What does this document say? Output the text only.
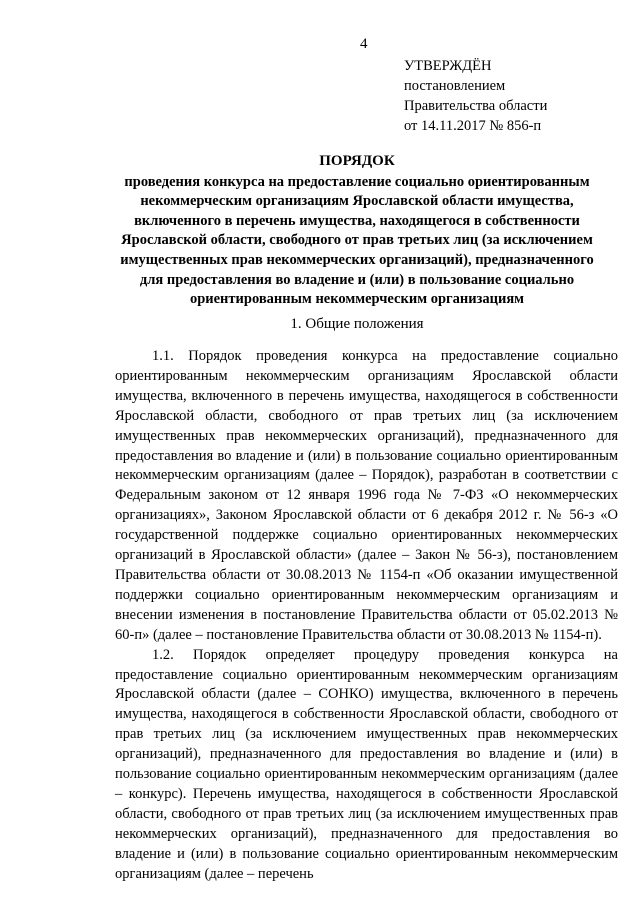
4
УТВЕРЖДЁН
постановлением
Правительства области
от 14.11.2017 № 856-п
ПОРЯДОК
проведения конкурса на предоставление социально ориентированным
некоммерческим организациям Ярославской области имущества,
включенного в перечень имущества, находящегося в собственности
Ярославской области, свободного от прав третьих лиц (за исключением
имущественных прав некоммерческих организаций), предназначенного
для предоставления во владение и (или) в пользование социально
ориентированным некоммерческим организациям
1. Общие положения

1.1. Порядок проведения конкурса на предоставление социально ориентированным некоммерческим организациям Ярославской области имущества, включенного в перечень имущества, находящегося в собственности Ярославской области, свободного от прав третьих лиц (за исключением имущественных прав некоммерческих организаций), предназначенного для предоставления во владение и (или) в пользование социально ориентированным некоммерческим организациям (далее – Порядок), разработан в соответствии с Федеральным законом от 12 января 1996 года № 7-ФЗ «О некоммерческих организациях», Законом Ярославской области от 6 декабря 2012 г. № 56-з «О государственной поддержке социально ориентированных некоммерческих организаций в Ярославской области» (далее – Закон № 56-з), постановлением Правительства области от 30.08.2013 № 1154-п «Об оказании имущественной поддержки социально ориентированным некоммерческим организациям и внесении изменения в постановление Правительства области от 05.02.2013 № 60-п» (далее – постановление Правительства области от 30.08.2013 № 1154-п).

1.2. Порядок определяет процедуру проведения конкурса на предоставление социально ориентированным некоммерческим организациям Ярославской области (далее – СОНКО) имущества, включенного в перечень имущества, находящегося в собственности Ярославской области, свободного от прав третьих лиц (за исключением имущественных прав некоммерческих организаций), предназначенного для предоставления во владение и (или) в пользование социально ориентированным некоммерческим организациям (далее – конкурс). Перечень имущества, находящегося в собственности Ярославской области, свободного от прав третьих лиц (за исключением имущественных прав некоммерческих организаций), предназначенного для предоставления во владение и (или) в пользование социально ориентированным некоммерческим организациям (далее – перечень
